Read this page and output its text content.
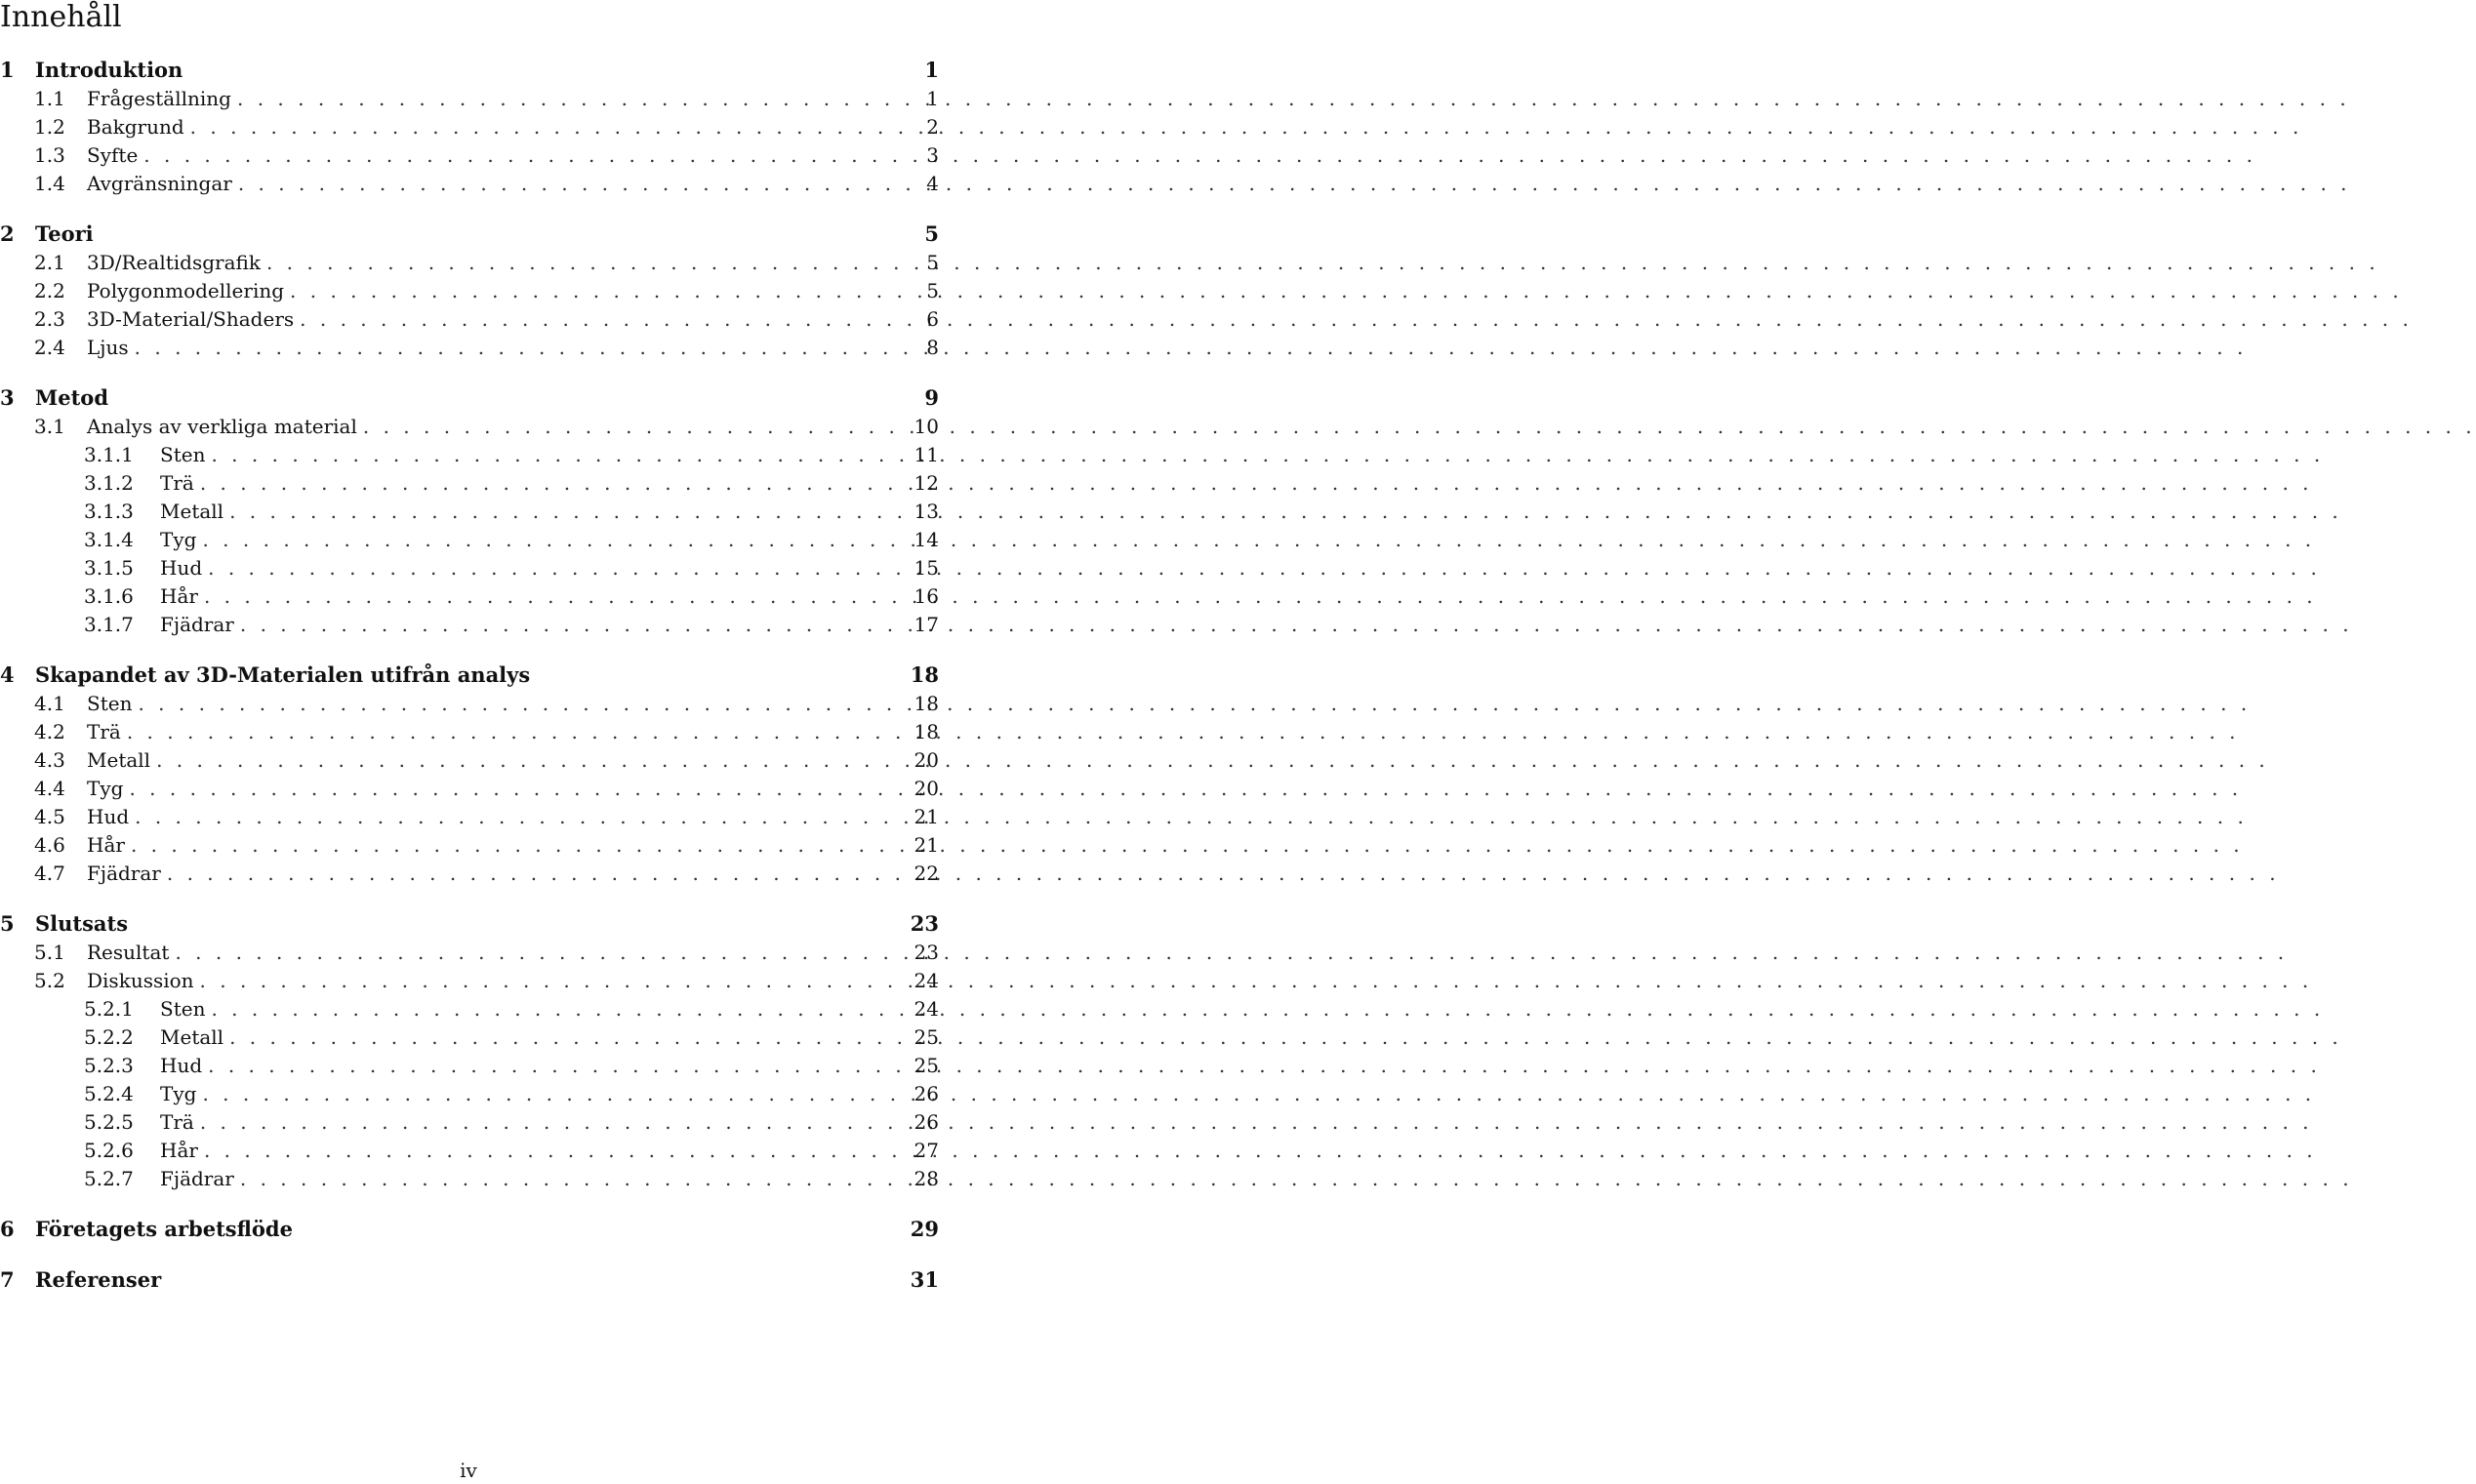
Innehåll
1	Introduktion	1
1.1	Frågeställning . . .	1
1.2	Bakgrund . . .	2
1.3	Syfte . . .	3
1.4	Avgränsningar . . .	4
2	Teori	5
2.1	3D/Realtidsgrafik . . .	5
2.2	Polygonmodellering . . .	5
2.3	3D-Material/Shaders . . .	6
2.4	Ljus . . .	8
3	Metod	9
3.1	Analys av verkliga material . . .	10
3.1.1	Sten . . .	11
3.1.2	Trä . . .	12
3.1.3	Metall . . .	13
3.1.4	Tyg . . .	14
3.1.5	Hud . . .	15
3.1.6	Hår . . .	16
3.1.7	Fjädrar . . .	17
4	Skapandet av 3D-Materialen utifrån analys	18
4.1	Sten . . .	18
4.2	Trä . . .	18
4.3	Metall . . .	20
4.4	Tyg . . .	20
4.5	Hud . . .	21
4.6	Hår . . .	21
4.7	Fjädrar . . .	22
5	Slutsats	23
5.1	Resultat . . .	23
5.2	Diskussion . . .	24
5.2.1	Sten . . .	24
5.2.2	Metall . . .	25
5.2.3	Hud . . .	25
5.2.4	Tyg . . .	26
5.2.5	Trä . . .	26
5.2.6	Hår . . .	27
5.2.7	Fjädrar . . .	28
6	Företagets arbetsflöde	29
7	Referenser	31
iv
